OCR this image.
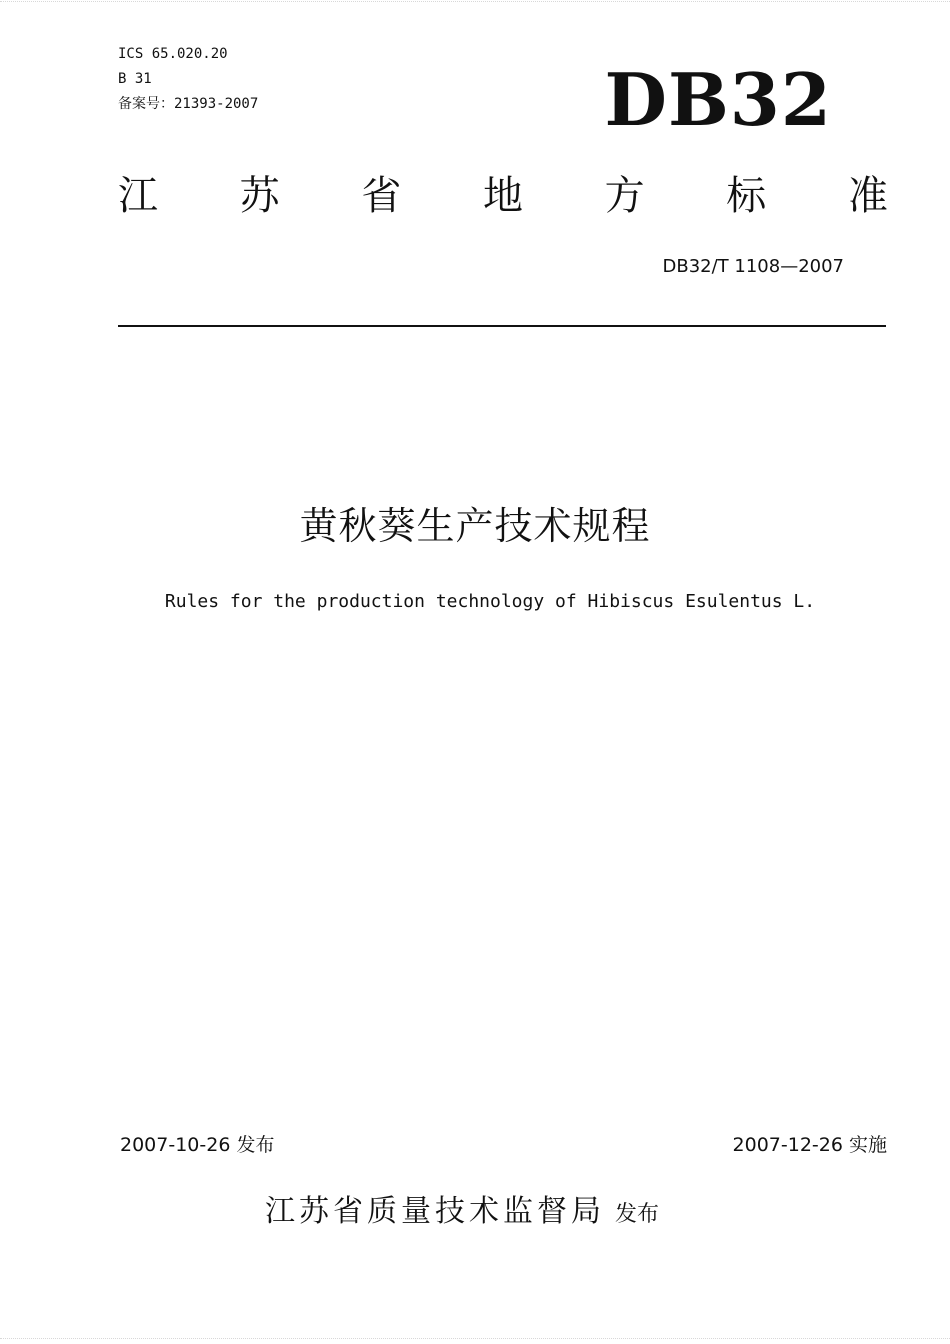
ICS 65.020.20
B 31
备案号：21393-2007	DB32
江 苏 省 地 方 标 准
DB32/T 1108—2007
黄秋葵生产技术规程
Rules for the production technology of Hibiscus Esulentus L.
2007-10-26 发布	2007-12-26 实施
江苏省质量技术监督局 发布
